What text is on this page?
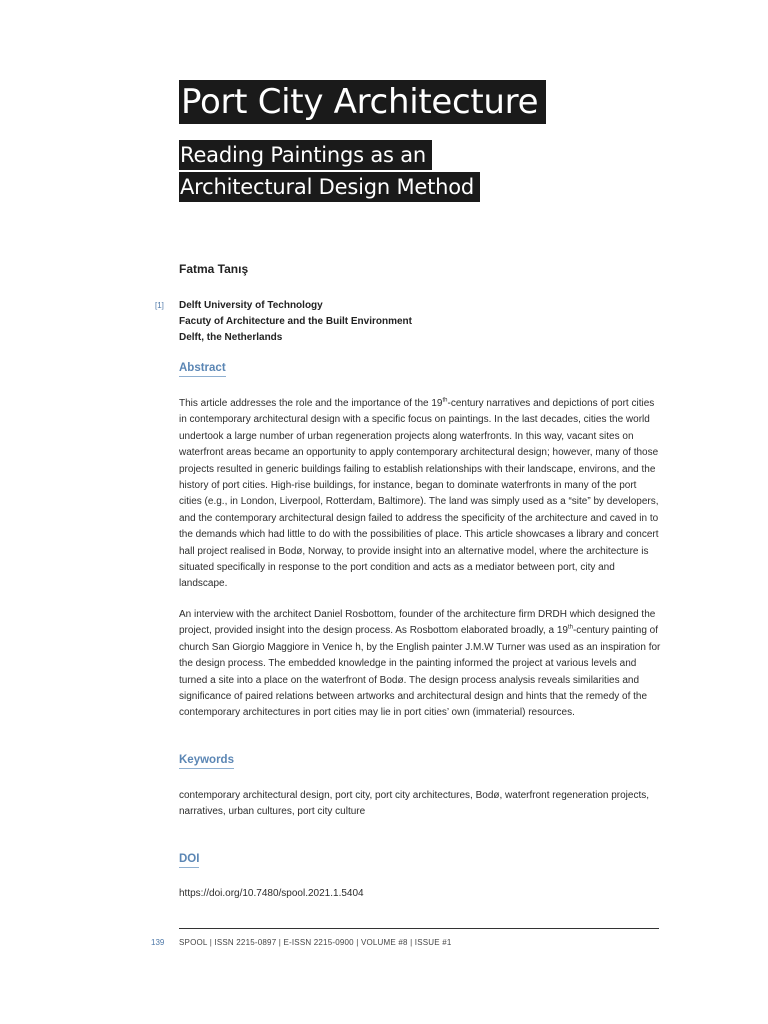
Port City Architecture
Reading Paintings as an
Architectural Design Method
Fatma Tanış
[1] Delft University of Technology
Facuty of Architecture and the Built Environment
Delft, the Netherlands
Abstract

This article addresses the role and the importance of the 19th-century narratives and depictions of port cities in contemporary architectural design with a specific focus on paintings. In the last decades, cities the world undertook a large number of urban regeneration projects along waterfronts. In this way, vacant sites on waterfront areas became an opportunity to apply contemporary architectural design; however, many of those projects resulted in generic buildings failing to establish relationships with their landscape, environs, and the history of port cities. High-rise buildings, for instance, began to dominate waterfronts in many of the port cities (e.g., in London, Liverpool, Rotterdam, Baltimore). The land was simply used as a “site” by developers, and the contemporary architectural design failed to address the specificity of the architecture and caved in to the demands which had little to do with the possibilities of place. This article showcases a library and concert hall project realised in Bodø, Norway, to provide insight into an alternative model, where the architecture is situated specifically in response to the port condition and acts as a mediator between port, city and landscape.

An interview with the architect Daniel Rosbottom, founder of the architecture firm DRDH which designed the project, provided insight into the design process. As Rosbottom elaborated broadly, a 19th-century painting of church San Giorgio Maggiore in Venice h, by the English painter J.M.W Turner was used as an inspiration for the design process. The embedded knowledge in the painting informed the project at various levels and turned a site into a place on the waterfront of Bodø. The design process analysis reveals similarities and significance of paired relations between artworks and architectural design and hints that the remedy of the contemporary architectures in port cities may lie in port cities’ own (immaterial) resources.

Keywords

contemporary architectural design, port city, port city architectures, Bodø, waterfront regeneration projects, narratives, urban cultures, port city culture

DOI

https://doi.org/10.7480/spool.2021.1.5404

139 SPOOL | ISSN 2215-0897 | E-ISSN 2215-0900 | VOLUME #8 | ISSUE #1
